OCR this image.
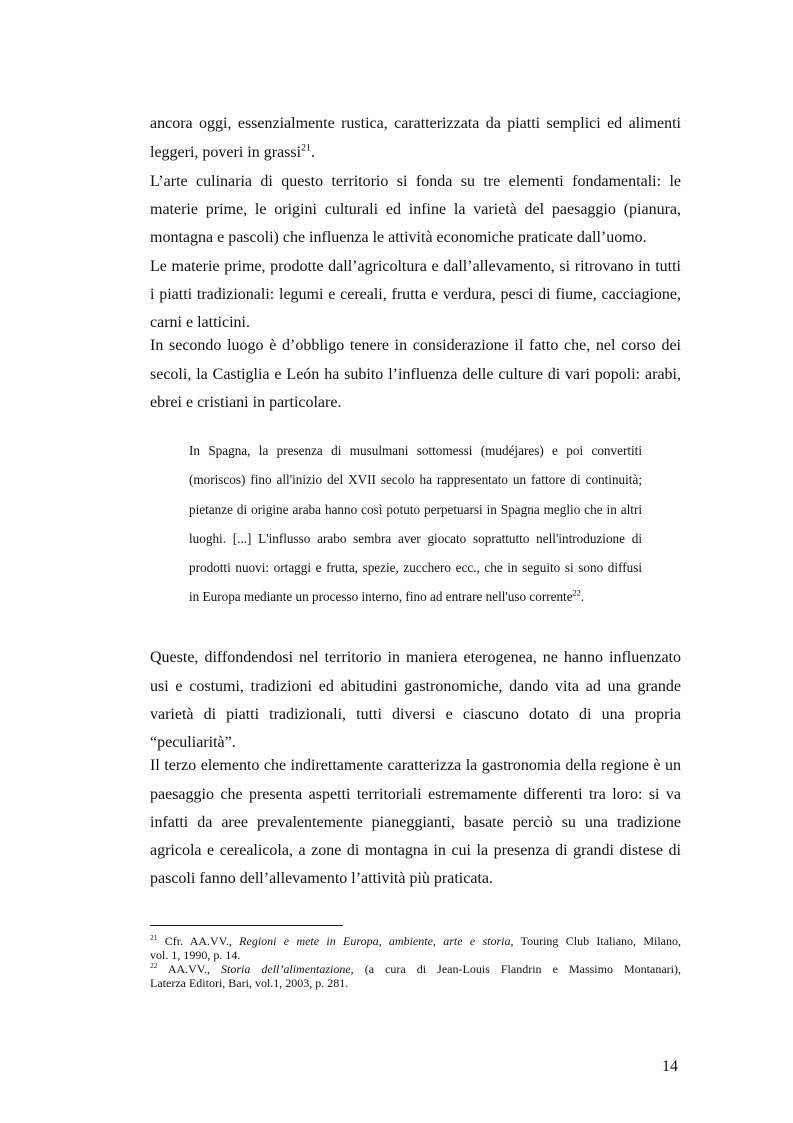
ancora oggi, essenzialmente rustica, caratterizzata da piatti semplici ed alimenti
leggeri, poveri in grassi$^{21}$.
L’arte culinaria di questo territorio si fonda su tre elementi fondamentali: le
materie prime, le origini culturali ed infine la varietà del paesaggio (pianura,
montagna e pascoli) che influenza le attività economiche praticate dall’uomo.
Le materie prime, prodotte dall’agricoltura e dall’allevamento, si ritrovano in tutti
i piatti tradizionali: legumi e cereali, frutta e verdura, pesci di fiume, cacciagione,
carni e latticini.
In secondo luogo è d’obbligo tenere in considerazione il fatto che, nel corso dei
secoli, la Castiglia e León ha subito l’influenza delle culture di vari popoli: arabi,
ebrei e cristiani in particolare.
In Spagna, la presenza di musulmani sottomessi (mudéjares) e poi convertiti
(moriscos) fino all'inizio del XVII secolo ha rappresentato un fattore di continuità;
pietanze di origine araba hanno così potuto perpetuarsi in Spagna meglio che in altri
luoghi. [...] L'influsso arabo sembra aver giocato soprattutto nell'introduzione di
prodotti nuovi: ortaggi e frutta, spezie, zucchero ecc., che in seguito si sono diffusi
in Europa mediante un processo interno, fino ad entrare nell'uso corrente$^{22}$.
Queste, diffondendosi nel territorio in maniera eterogenea, ne hanno influenzato
usi e costumi, tradizioni ed abitudini gastronomiche, dando vita ad una grande
varietà di piatti tradizionali, tutti diversi e ciascuno dotato di una propria
“peculiarità”.
Il terzo elemento che indirettamente caratterizza la gastronomia della regione è un
paesaggio che presenta aspetti territoriali estremamente differenti tra loro: si va
infatti da aree prevalentemente pianeggianti, basate perciò su una tradizione
agricola e cerealicola, a zone di montagna in cui la presenza di grandi distese di
pascoli fanno dell’allevamento l’attività più praticata.
$^{21}$ Cfr. AA.VV., Regioni e mete in Europa, ambiente, arte e storia, Touring Club Italiano, Milano,
vol. 1, 1990, p. 14.
$^{22}$ AA.VV., Storia dell’alimentazione, (a cura di Jean-Louis Flandrin e Massimo Montanari),
Laterza Editori, Bari, vol.1, 2003, p. 281.
14
